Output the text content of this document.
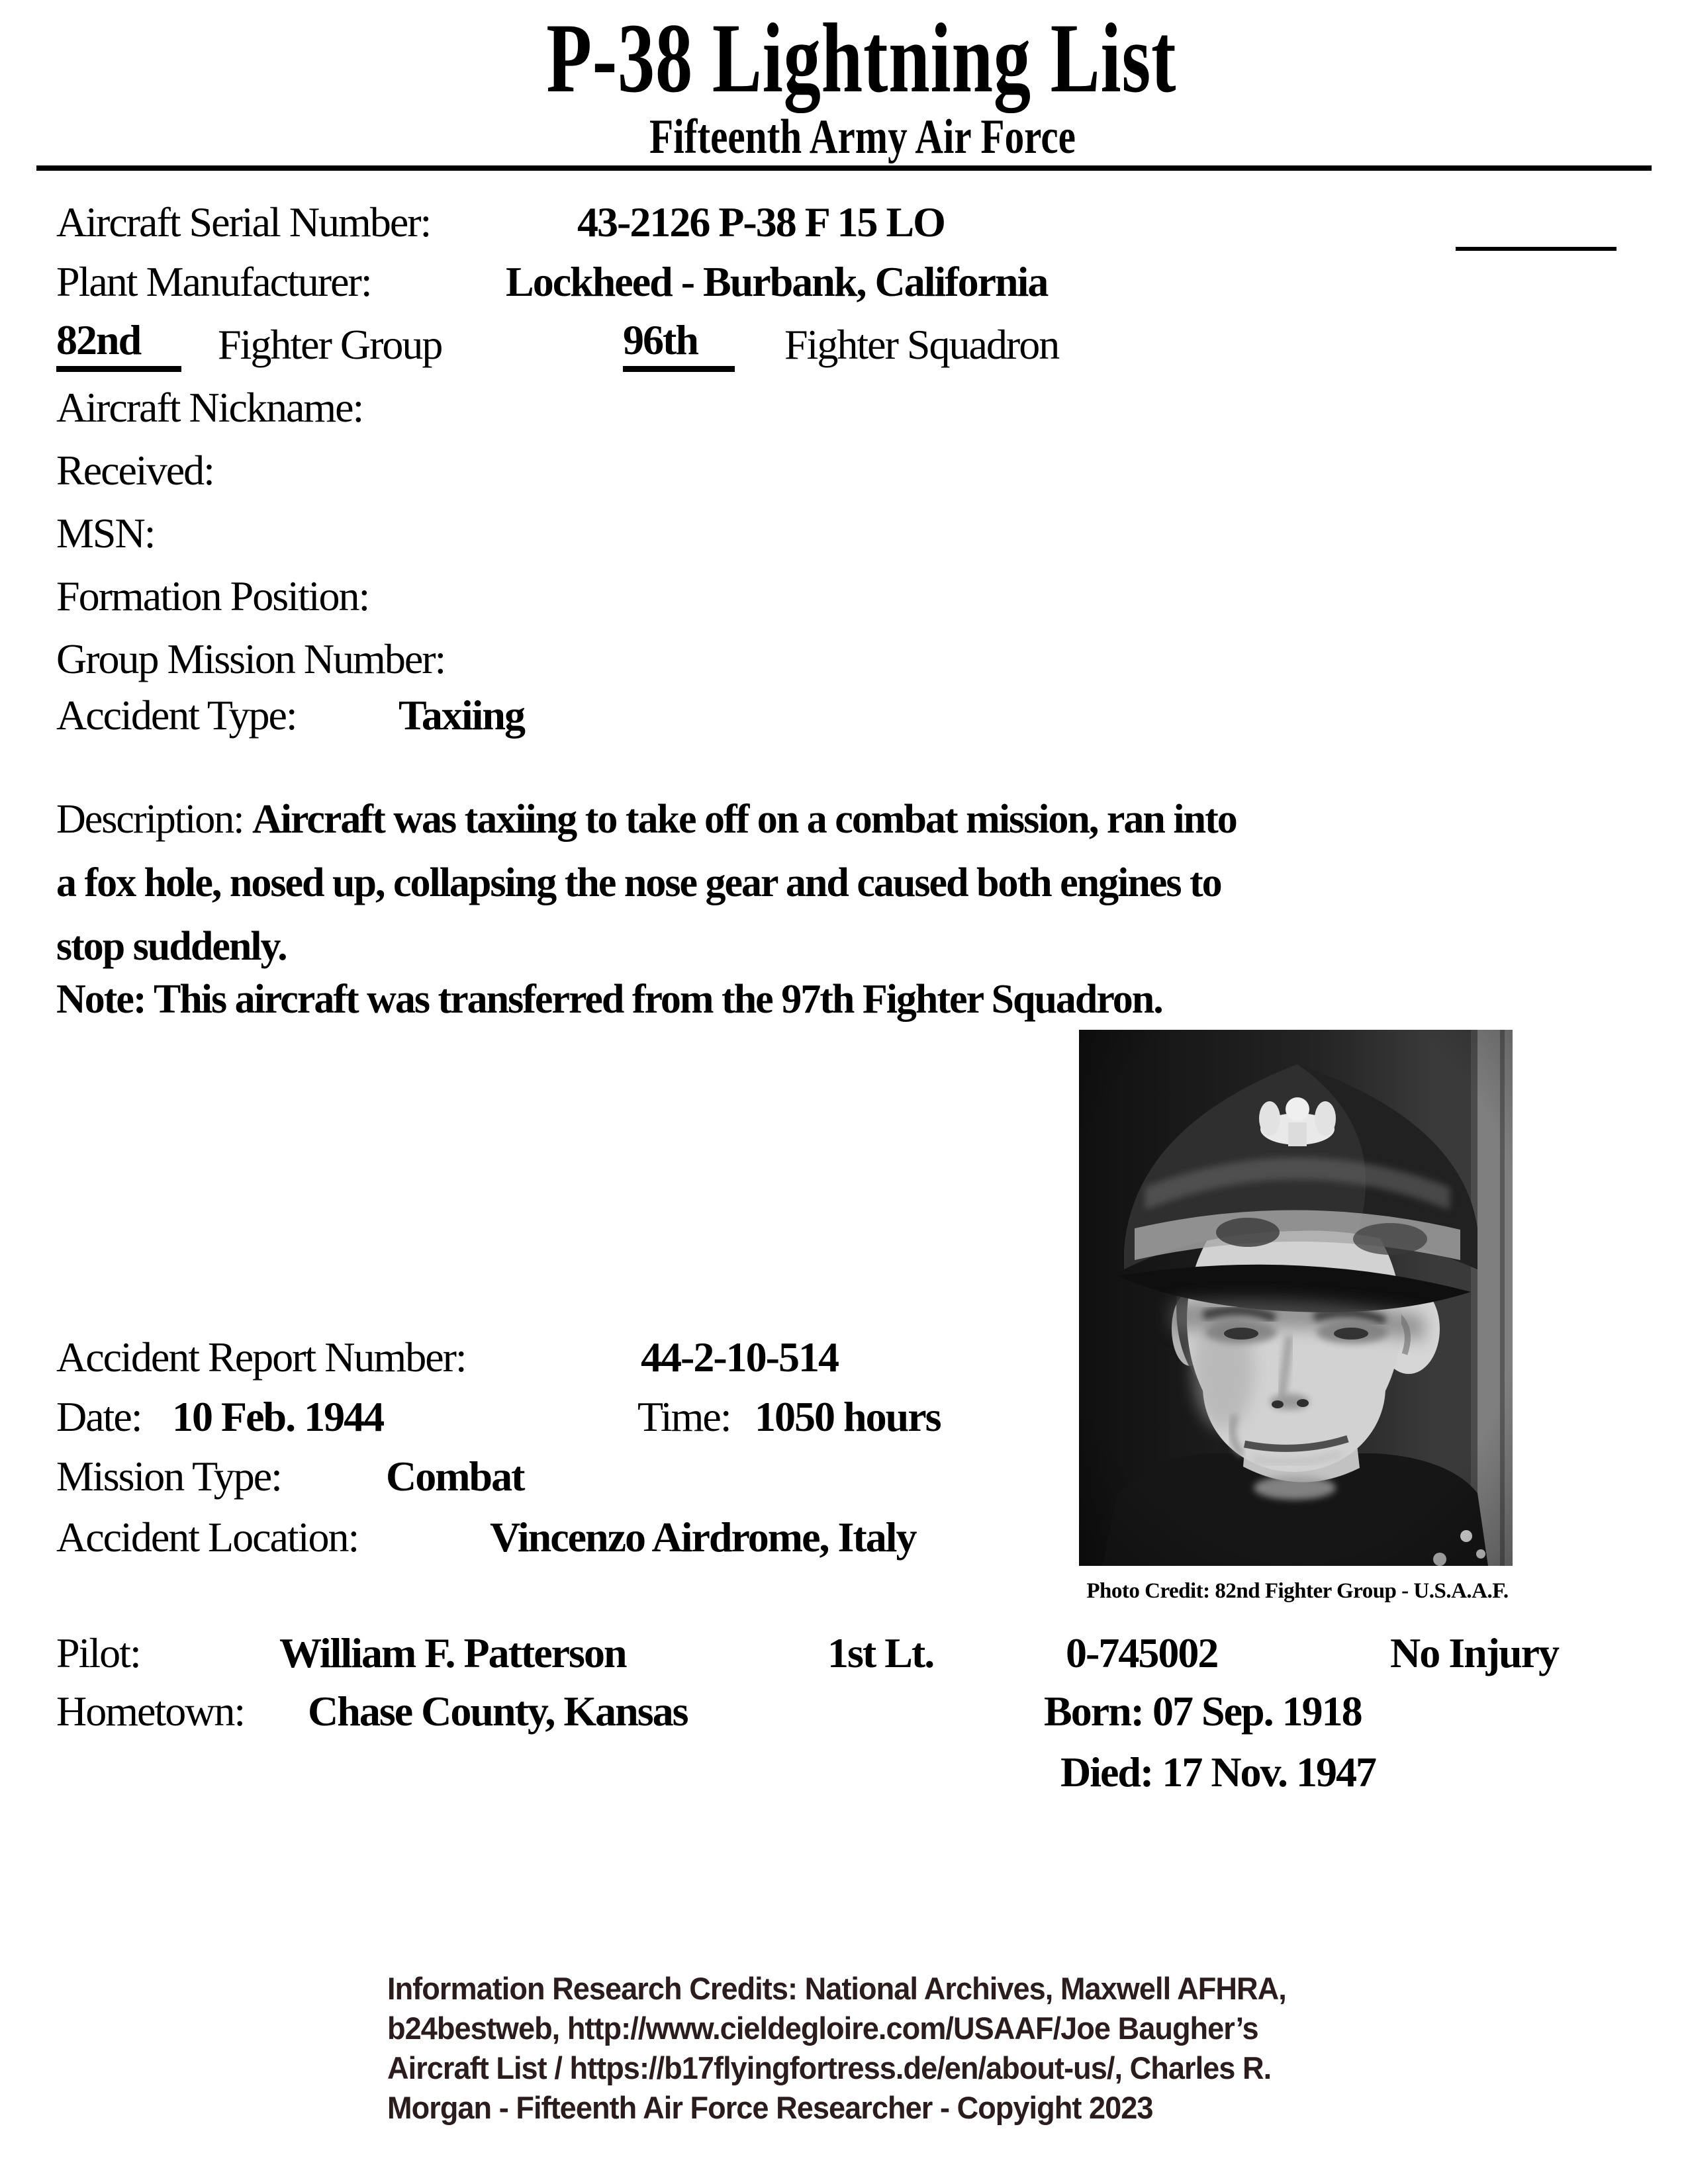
P-38 Lightning List
Fifteenth Army Air Force
Aircraft Serial Number:	43-2126 P-38 F 15 LO
Plant Manufacturer:	Lockheed - Burbank, California
82nd	Fighter Group	96th	Fighter Squadron
Aircraft Nickname:
Received:
MSN:
Formation Position:
Group Mission Number:
Accident Type: Taxiing
Description: Aircraft was taxiing to take off on a combat mission, ran into
a fox hole, nosed up, collapsing the nose gear and caused both engines to
stop suddenly.
Note: This aircraft was transferred from the 97th Fighter Squadron.
Photo Credit: 82nd Fighter Group - U.S.A.A.F.
Accident Report Number:	44-2-10-514
Date: 10 Feb. 1944	Time: 1050 hours
Mission Type: Combat
Accident Location:	Vincenzo Airdrome, Italy
Pilot:	William F. Patterson	1st Lt.	0-745002	No Injury
Hometown: Chase County, Kansas	Born: 07 Sep. 1918
Died: 17 Nov. 1947
Information Research Credits: National Archives, Maxwell AFHRA,
b24bestweb, http://www.cieldegloire.com/USAAF/Joe Baugher’s
Aircraft List / https://b17flyingfortress.de/en/about-us/, Charles R.
Morgan - Fifteenth Air Force Researcher - Copyight 2023
